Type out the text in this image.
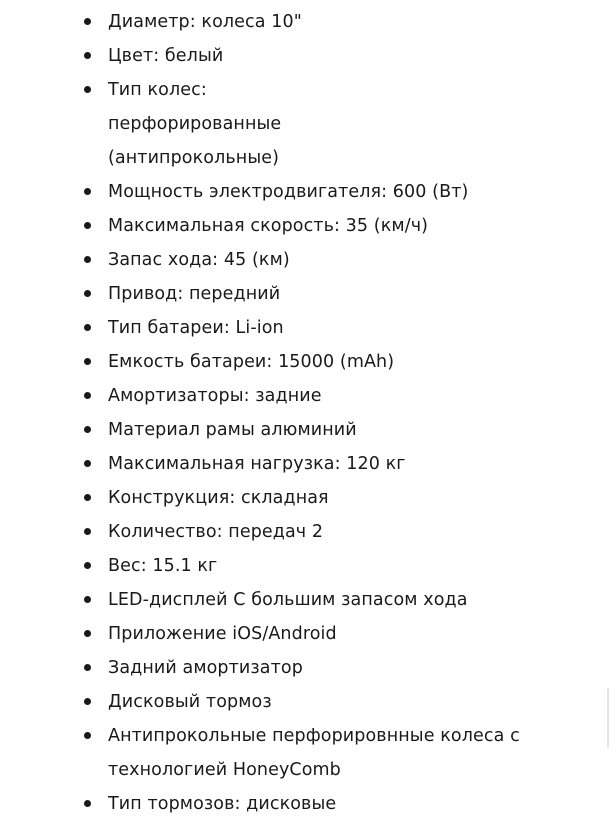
Диаметр: колеса 10"
Цвет: белый
Тип колес: перфорированные (антипрокольные)
Мощность электродвигателя: 600 (Вт)
Максимальная скорость: 35 (км/ч)
Запас хода: 45 (км)
Привод: передний
Тип батареи: Li-ion
Емкость батареи: 15000 (mAh)
Амортизаторы: задние
Материал рамы алюминий
Максимальная нагрузка: 120 кг
Конструкция: складная
Количество: передач 2
Вес: 15.1 кг
LED-дисплей С большим запасом хода
Приложение iOS/Android
Задний амортизатор
Дисковый тормоз
Антипрокольные перфорировнные колеса с технологией HoneyComb
Тип тормозов: дисковые
